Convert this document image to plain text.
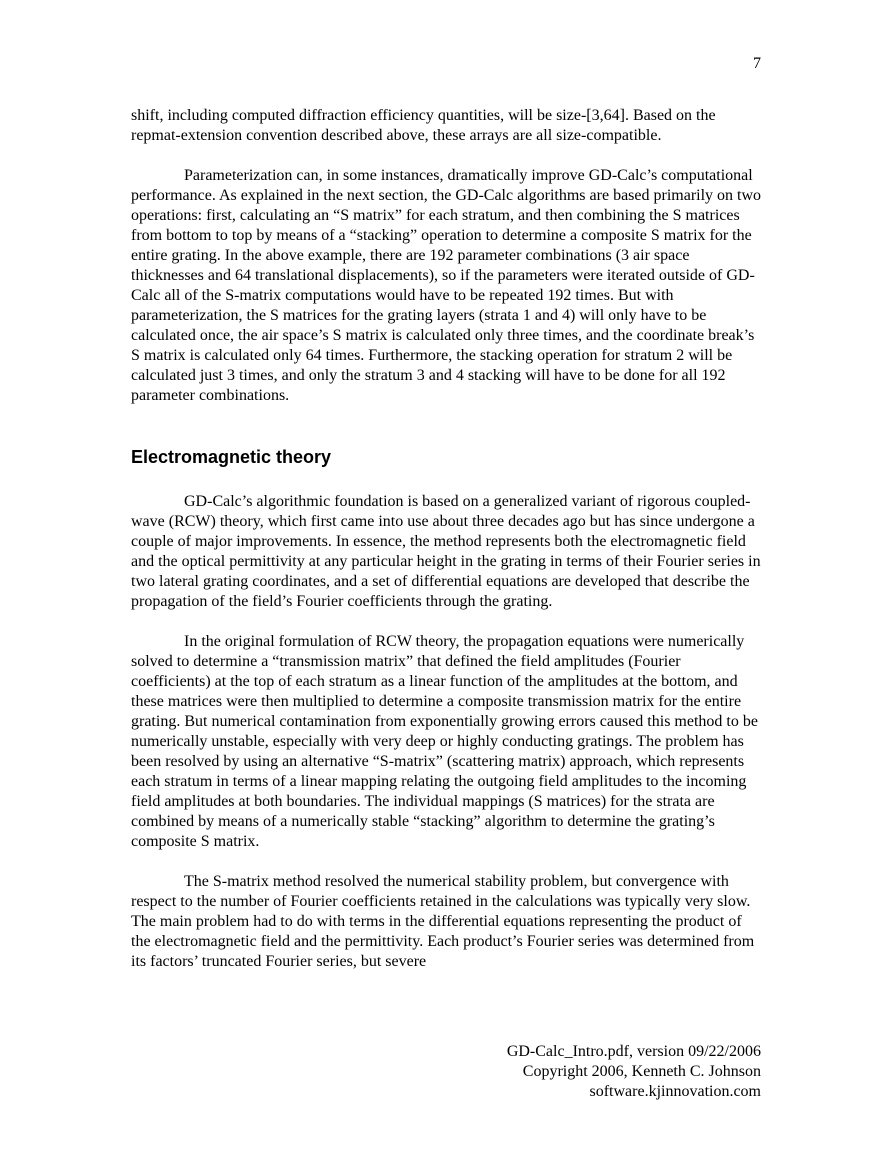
7

shift, including computed diffraction efficiency quantities, will be size-[3,64]. Based on the repmat-extension convention described above, these arrays are all size-compatible.

Parameterization can, in some instances, dramatically improve GD-Calc’s computational performance. As explained in the next section, the GD-Calc algorithms are based primarily on two operations: first, calculating an “S matrix” for each stratum, and then combining the S matrices from bottom to top by means of a “stacking” operation to determine a composite S matrix for the entire grating. In the above example, there are 192 parameter combinations (3 air space thicknesses and 64 translational displacements), so if the parameters were iterated outside of GD-Calc all of the S-matrix computations would have to be repeated 192 times. But with parameterization, the S matrices for the grating layers (strata 1 and 4) will only have to be calculated once, the air space’s S matrix is calculated only three times, and the coordinate break’s S matrix is calculated only 64 times. Furthermore, the stacking operation for stratum 2 will be calculated just 3 times, and only the stratum 3 and 4 stacking will have to be done for all 192 parameter combinations.

Electromagnetic theory

GD-Calc’s algorithmic foundation is based on a generalized variant of rigorous coupled-wave (RCW) theory, which first came into use about three decades ago but has since undergone a couple of major improvements. In essence, the method represents both the electromagnetic field and the optical permittivity at any particular height in the grating in terms of their Fourier series in two lateral grating coordinates, and a set of differential equations are developed that describe the propagation of the field’s Fourier coefficients through the grating.

In the original formulation of RCW theory, the propagation equations were numerically solved to determine a “transmission matrix” that defined the field amplitudes (Fourier coefficients) at the top of each stratum as a linear function of the amplitudes at the bottom, and these matrices were then multiplied to determine a composite transmission matrix for the entire grating. But numerical contamination from exponentially growing errors caused this method to be numerically unstable, especially with very deep or highly conducting gratings. The problem has been resolved by using an alternative “S-matrix” (scattering matrix) approach, which represents each stratum in terms of a linear mapping relating the outgoing field amplitudes to the incoming field amplitudes at both boundaries. The individual mappings (S matrices) for the strata are combined by means of a numerically stable “stacking” algorithm to determine the grating’s composite S matrix.

The S-matrix method resolved the numerical stability problem, but convergence with respect to the number of Fourier coefficients retained in the calculations was typically very slow. The main problem had to do with terms in the differential equations representing the product of the electromagnetic field and the permittivity. Each product’s Fourier series was determined from its factors’ truncated Fourier series, but severe

GD-Calc_Intro.pdf, version 09/22/2006
Copyright 2006, Kenneth C. Johnson
software.kjinnovation.com
